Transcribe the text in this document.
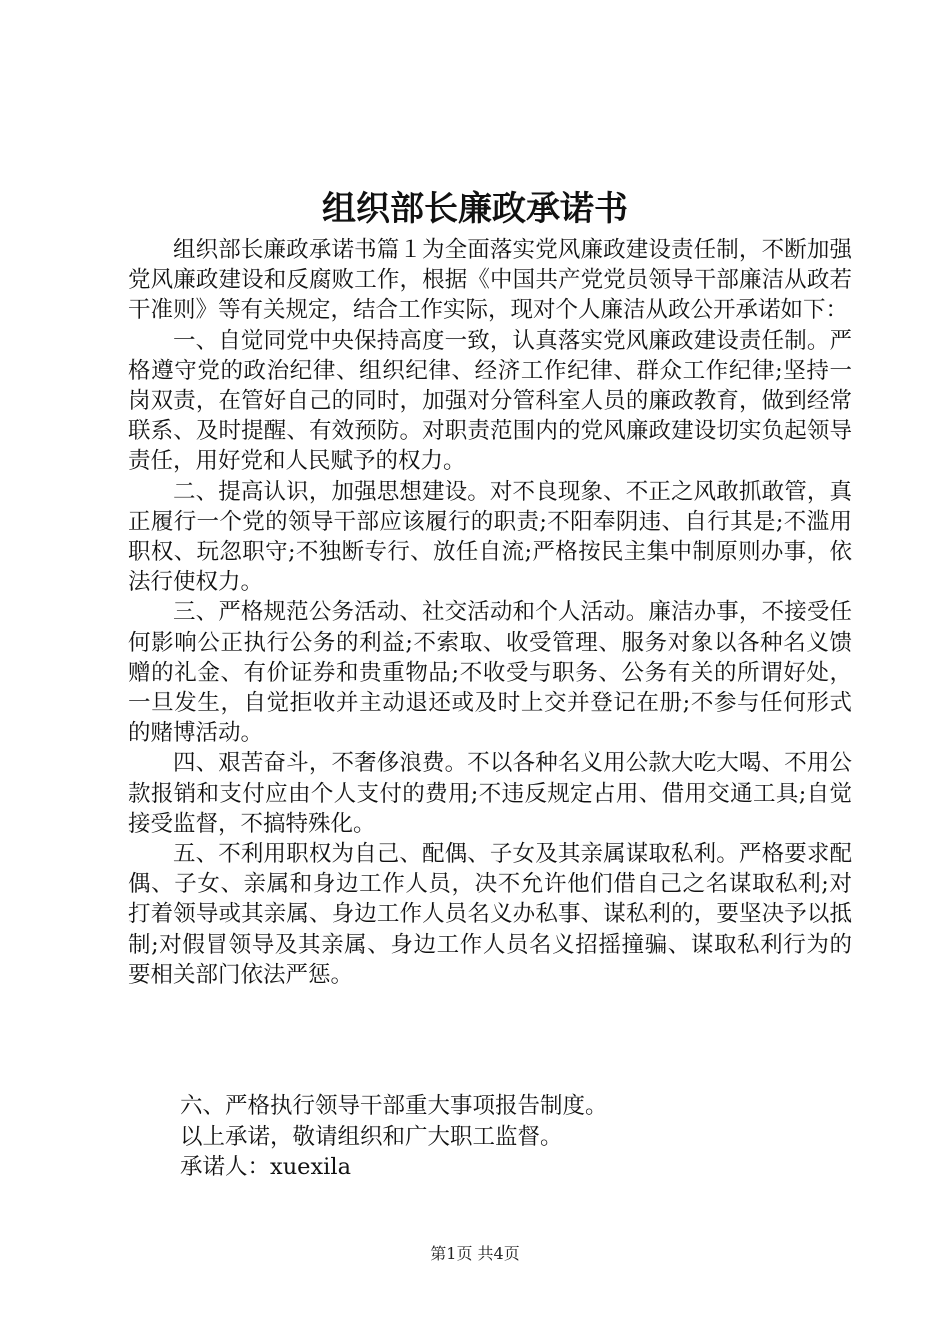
组织部长廉政承诺书

组织部长廉政承诺书篇１为全面落实党风廉政建设责任制，不断加强党风廉政建设和反腐败工作，根据《中国共产党党员领导干部廉洁从政若干准则》等有关规定，结合工作实际，现对个人廉洁从政公开承诺如下：

一、自觉同党中央保持高度一致，认真落实党风廉政建设责任制。严格遵守党的政治纪律、组织纪律、经济工作纪律、群众工作纪律;坚持一岗双责，在管好自己的同时，加强对分管科室人员的廉政教育，做到经常联系、及时提醒、有效预防。对职责范围内的党风廉政建设切实负起领导责任，用好党和人民赋予的权力。

二、提高认识，加强思想建设。对不良现象、不正之风敢抓敢管，真正履行一个党的领导干部应该履行的职责;不阳奉阴违、自行其是;不滥用职权、玩忽职守;不独断专行、放任自流;严格按民主集中制原则办事，依法行使权力。

三、严格规范公务活动、社交活动和个人活动。廉洁办事，不接受任何影响公正执行公务的利益;不索取、收受管理、服务对象以各种名义馈赠的礼金、有价证券和贵重物品;不收受与职务、公务有关的所谓好处，一旦发生，自觉拒收并主动退还或及时上交并登记在册;不参与任何形式的赌博活动。

四、艰苦奋斗，不奢侈浪费。不以各种名义用公款大吃大喝、不用公款报销和支付应由个人支付的费用;不违反规定占用、借用交通工具;自觉接受监督，不搞特殊化。

五、不利用职权为自己、配偶、子女及其亲属谋取私利。严格要求配偶、子女、亲属和身边工作人员，决不允许他们借自己之名谋取私利;对打着领导或其亲属、身边工作人员名义办私事、谋私利的，要坚决予以抵制;对假冒领导及其亲属、身边工作人员名义招摇撞骗、谋取私利行为的要相关部门依法严惩。

六、严格执行领导干部重大事项报告制度。

以上承诺，敬请组织和广大职工监督。

承诺人：xuexila

第1页 共4页
